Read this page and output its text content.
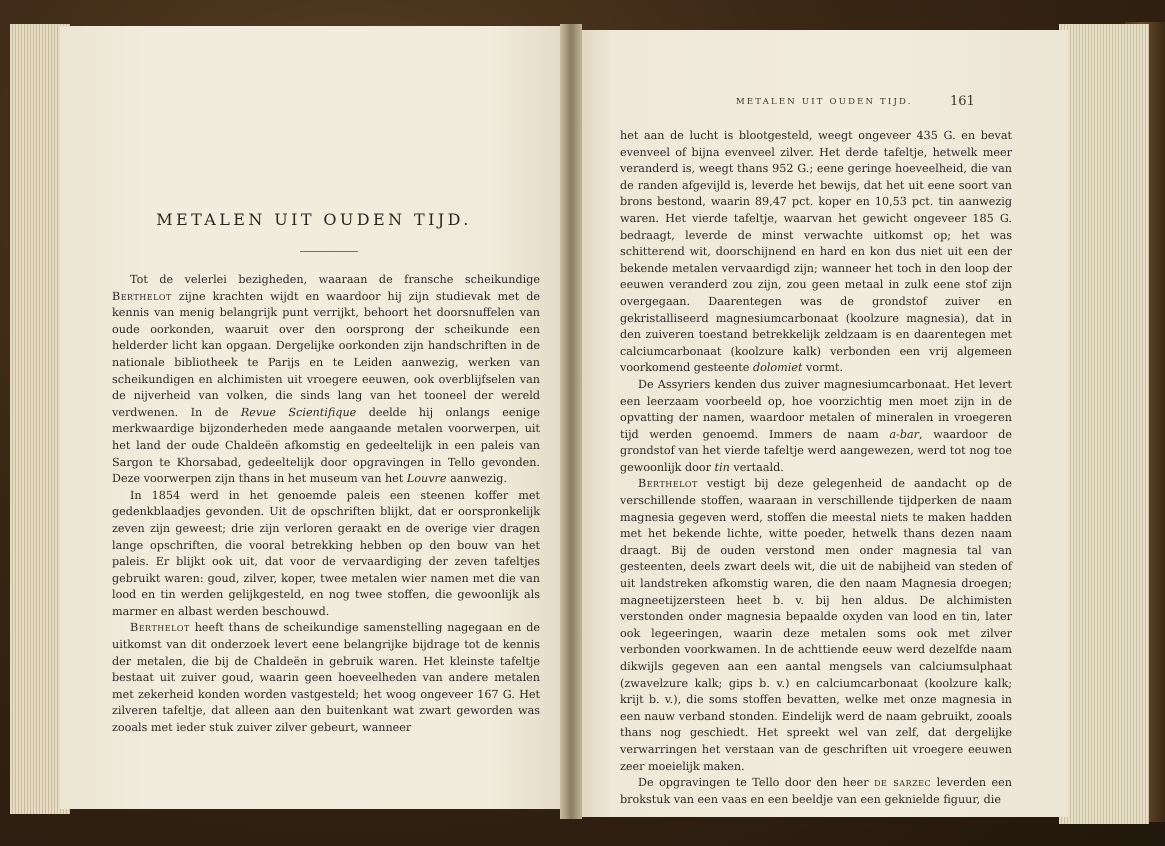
METALEN UIT OUDEN TIJD.

Tot de velerlei bezigheden, waaraan de fransche scheikundige Berthelot zijne krachten wijdt en waardoor hij zijn studievak met de kennis van menig belangrijk punt verrijkt, behoort het doorsnuffelen van oude oorkonden, waaruit over den oorsprong der scheikunde een helderder licht kan opgaan. Dergelijke oorkonden zijn handschriften in de nationale bibliotheek te Parijs en te Leiden aanwezig, werken van scheikundigen en alchimisten uit vroegere eeuwen, ook overblijfselen van de nijverheid van volken, die sinds lang van het tooneel der wereld verdwenen. In de Revue Scientifique deelde hij onlangs eenige merkwaardige bijzonderheden mede aangaande metalen voorwerpen, uit het land der oude Chaldeën afkomstig en gedeeltelijk in een paleis van Sargon te Khorsabad, gedeeltelijk door opgravingen in Tello gevonden. Deze voorwerpen zijn thans in het museum van het Louvre aanwezig.

In 1854 werd in het genoemde paleis een steenen koffer met gedenkblaadjes gevonden. Uit de opschriften blijkt, dat er oorspronkelijk zeven zijn geweest; drie zijn verloren geraakt en de overige vier dragen lange opschriften, die vooral betrekking hebben op den bouw van het paleis. Er blijkt ook uit, dat voor de vervaardiging der zeven tafeltjes gebruikt waren: goud, zilver, koper, twee metalen wier namen met die van lood en tin werden gelijkgesteld, en nog twee stoffen, die gewoonlijk als marmer en albast werden beschouwd.

Berthelot heeft thans de scheikundige samenstelling nagegaan en de uitkomst van dit onderzoek levert eene belangrijke bijdrage tot de kennis der metalen, die bij de Chaldeën in gebruik waren. Het kleinste tafeltje bestaat uit zuiver goud, waarin geen hoeveelheden van andere metalen met zekerheid konden worden vastgesteld; het woog ongeveer 167 G. Het zilveren tafeltje, dat alleen aan den buitenkant wat zwart geworden was zooals met ieder stuk zuiver zilver gebeurt, wanneer

METALEN UIT OUDEN TIJD.	161

het aan de lucht is blootgesteld, weegt ongeveer 435 G. en bevat evenveel of bijna evenveel zilver. Het derde tafeltje, hetwelk meer veranderd is, weegt thans 952 G.; eene geringe hoeveelheid, die van de randen afgevijld is, leverde het bewijs, dat het uit eene soort van brons bestond, waarin 89,47 pct. koper en 10,53 pct. tin aanwezig waren. Het vierde tafeltje, waarvan het gewicht ongeveer 185 G. bedraagt, leverde de minst verwachte uitkomst op; het was schitterend wit, doorschijnend en hard en kon dus niet uit een der bekende metalen vervaardigd zijn; wanneer het toch in den loop der eeuwen veranderd zou zijn, zou geen metaal in zulk eene stof zijn overgegaan. Daarentegen was de grondstof zuiver en gekristalliseerd magnesiumcarbonaat (koolzure magnesia), dat in den zuiveren toestand betrekkelijk zeldzaam is en daarentegen met calciumcarbonaat (koolzure kalk) verbonden een vrij algemeen voorkomend gesteente dolomiet vormt.

De Assyriers kenden dus zuiver magnesiumcarbonaat. Het levert een leerzaam voorbeeld op, hoe voorzichtig men moet zijn in de opvatting der namen, waardoor metalen of mineralen in vroegeren tijd werden genoemd. Immers de naam a-bar, waardoor de grondstof van het vierde tafeltje werd aangewezen, werd tot nog toe gewoonlijk door tin vertaald.

Berthelot vestigt bij deze gelegenheid de aandacht op de verschillende stoffen, waaraan in verschillende tijdperken de naam magnesia gegeven werd, stoffen die meestal niets te maken hadden met het bekende lichte, witte poeder, hetwelk thans dezen naam draagt. Bij de ouden verstond men onder magnesia tal van gesteenten, deels zwart deels wit, die uit de nabijheid van steden of uit landstreken afkomstig waren, die den naam Magnesia droegen; magneetijzersteen heet b. v. bij hen aldus. De alchimisten verstonden onder magnesia bepaalde oxyden van lood en tin, later ook legeeringen, waarin deze metalen soms ook met zilver verbonden voorkwamen. In de achttiende eeuw werd dezelfde naam dikwijls gegeven aan een aantal mengsels van calciumsulphaat (zwavelzure kalk; gips b. v.) en calciumcarbonaat (koolzure kalk; krijt b. v.), die soms stoffen bevatten, welke met onze magnesia in een nauw verband stonden. Eindelijk werd de naam gebruikt, zooals thans nog geschiedt. Het spreekt wel van zelf, dat dergelijke verwarringen het verstaan van de geschriften uit vroegere eeuwen zeer moeielijk maken.

De opgravingen te Tello door den heer de sarzec leverden een brokstuk van een vaas en een beeldje van een geknielde figuur, die
